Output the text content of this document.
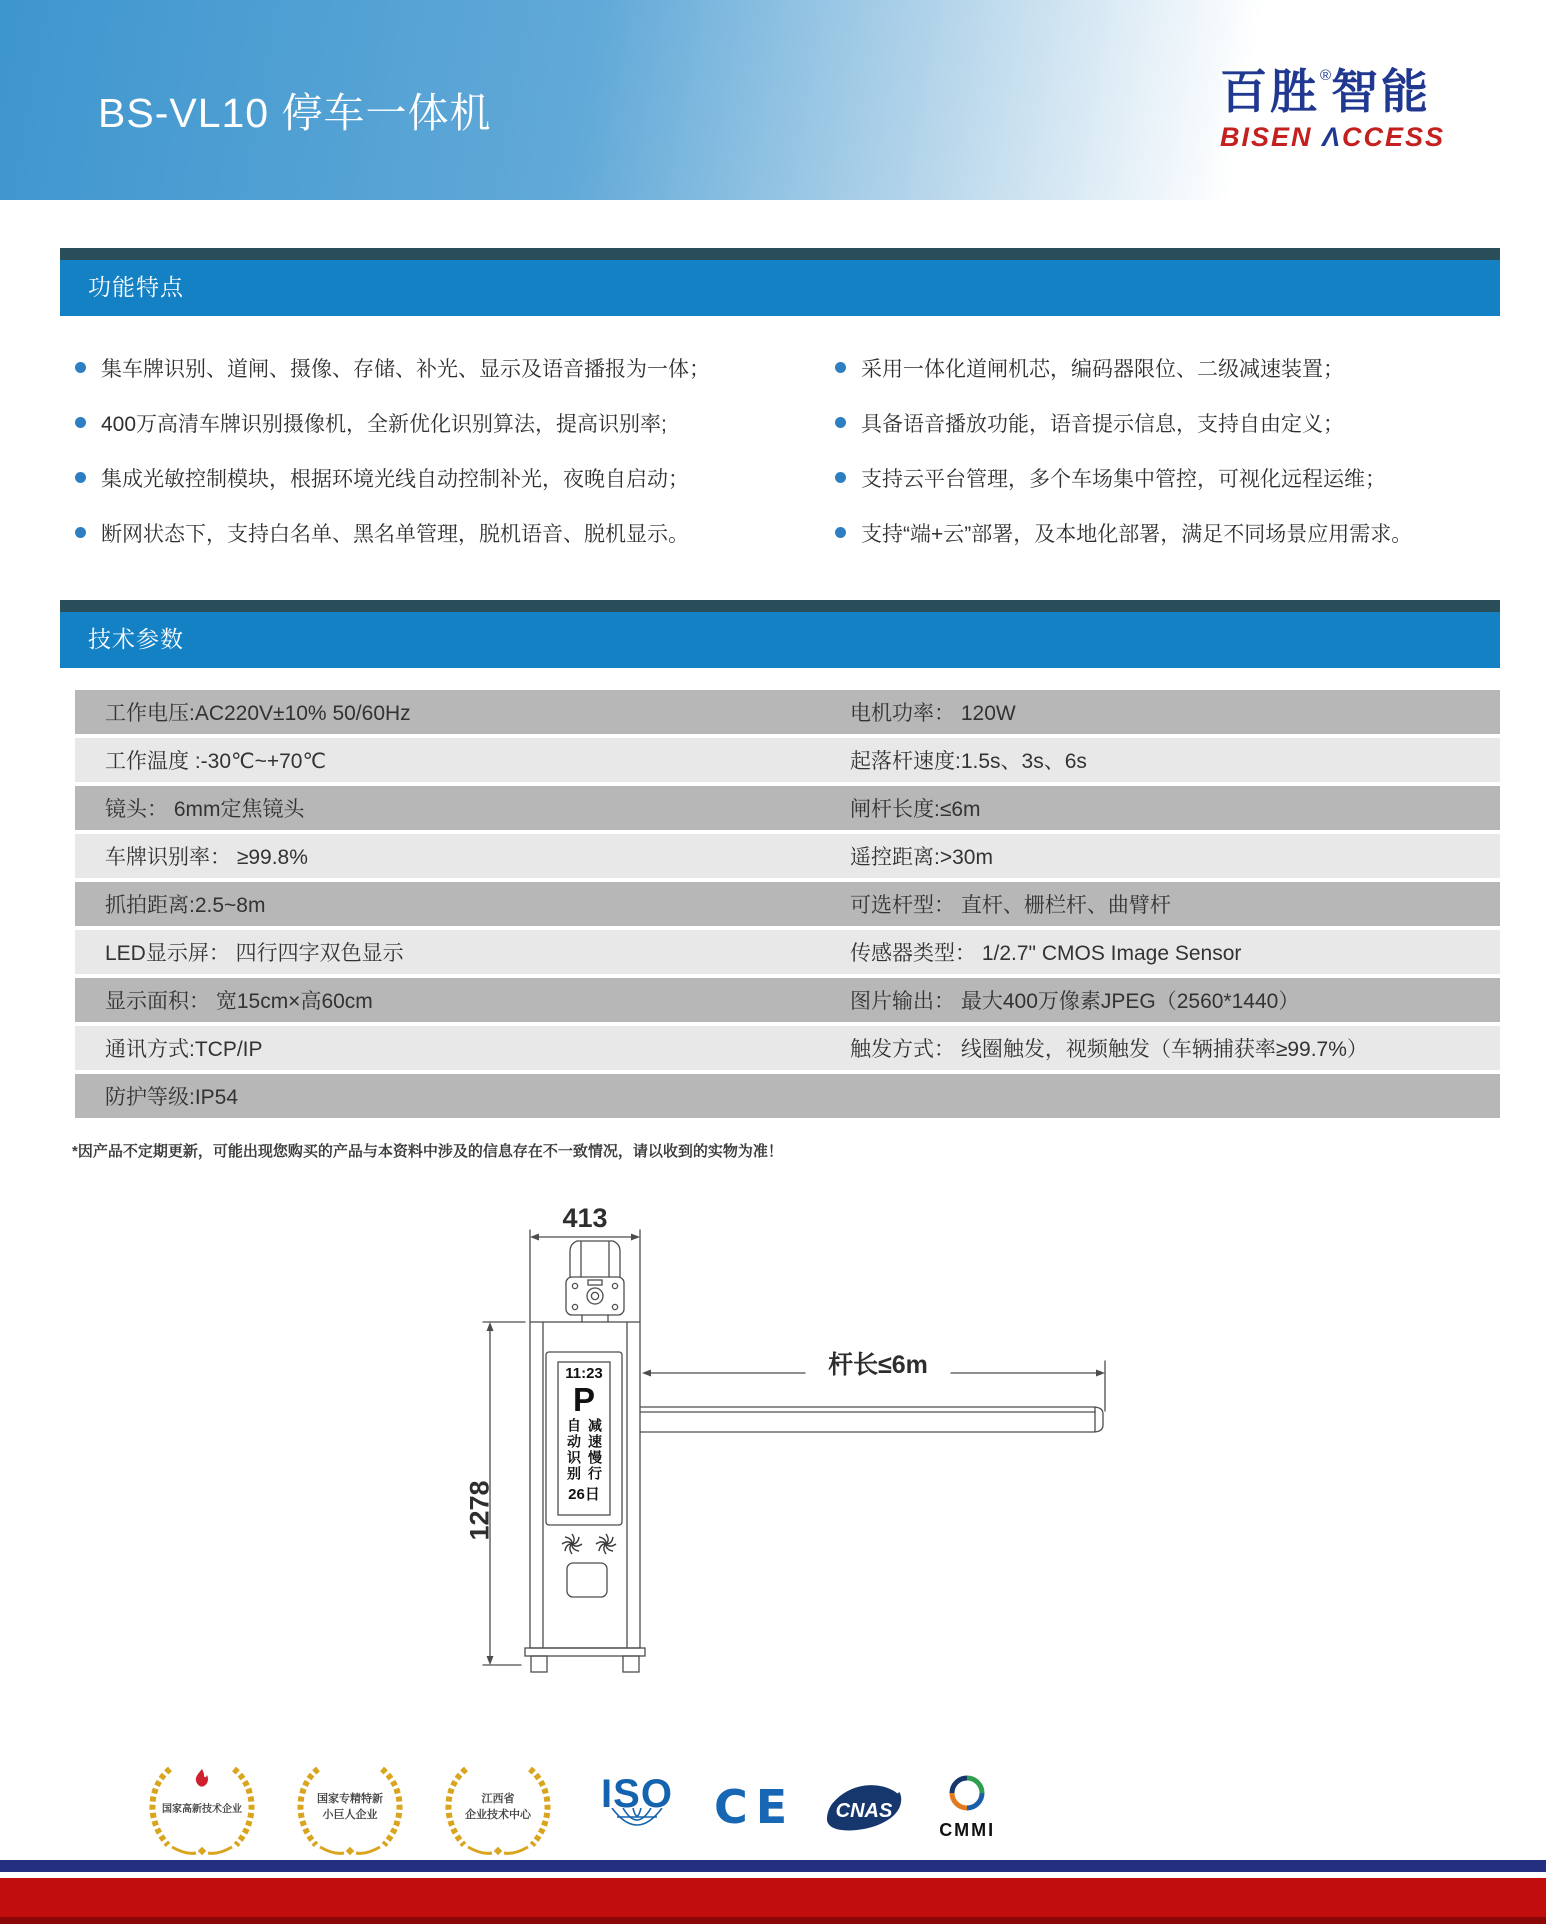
BS-VL10 停车一体机	百胜®智能
BISEN ΛCCESS
功能特点
集车牌识别、道闸、摄像、存储、补光、显示及语音播报为一体；
400万高清车牌识别摄像机，全新优化识别算法，提高识别率;
集成光敏控制模块，根据环境光线自动控制补光，夜晚自启动；
断网状态下，支持白名单、黑名单管理，脱机语音、脱机显示。
采用一体化道闸机芯，编码器限位、二级减速装置；
具备语音播放功能，语音提示信息，支持自由定义；
支持云平台管理，多个车场集中管控，可视化远程运维；
支持“端+云”部署，及本地化部署，满足不同场景应用需求。
技术参数
工作电压:AC220V±10% 50/60Hz	电机功率： 120W
工作温度 :-30℃~+70℃	起落杆速度:1.5s、3s、6s
镜头： 6mm定焦镜头	闸杆长度:≤6m
车牌识别率： ≥99.8%	遥控距离:>30m
抓拍距离:2.5~8m	可选杆型： 直杆、栅栏杆、曲臂杆
LED显示屏： 四行四字双色显示	传感器类型： 1/2.7" CMOS Image Sensor
显示面积： 宽15cm×高60cm	图片输出： 最大400万像素JPEG（2560*1440）
通讯方式:TCP/IP	触发方式： 线圈触发，视频触发（车辆捕获率≥99.7%）
防护等级:IP54
*因产品不定期更新，可能出现您购买的产品与本资料中涉及的信息存在不一致情况，请以收到的实物为准！
413
1278
杆长≤6m
11:23
P
自动识别 减速慢行
26日
国家高新技术企业
国家专精特新
小巨人企业
江西省
企业技术中心	ISO CE CNAS
CMMI
